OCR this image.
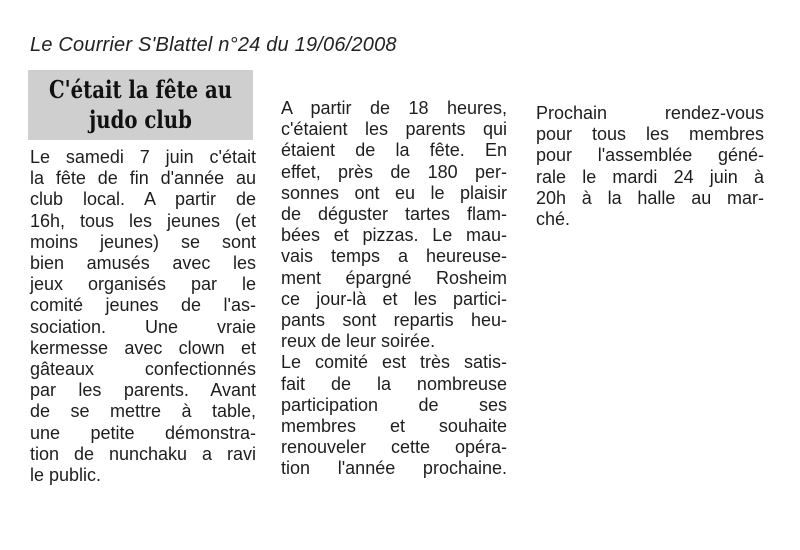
Le Courrier S'Blattel n°24 du 19/06/2008
C'était la fête au
judo club
Le samedi 7 juin c'était
la fête de fin d'année au
club local. A partir de
16h, tous les jeunes (et
moins jeunes) se sont
bien amusés avec les
jeux organisés par le
comité jeunes de l'as-
sociation. Une vraie
kermesse avec clown et
gâteaux confectionnés
par les parents. Avant
de se mettre à table,
une petite démonstra-
tion de nunchaku a ravi
le public.
A partir de 18 heures,
c'étaient les parents qui
étaient de la fête. En
effet, près de 180 per-
sonnes ont eu le plaisir
de déguster tartes flam-
bées et pizzas. Le mau-
vais temps a heureuse-
ment épargné Rosheim
ce jour-là et les partici-
pants sont repartis heu-
reux de leur soirée.
Le comité est très satis-
fait de la nombreuse
participation de ses
membres et souhaite
renouveler cette opéra-
tion l'année prochaine.
Prochain rendez-vous
pour tous les membres
pour l'assemblée géné-
rale le mardi 24 juin à
20h à la halle au mar-
ché.
